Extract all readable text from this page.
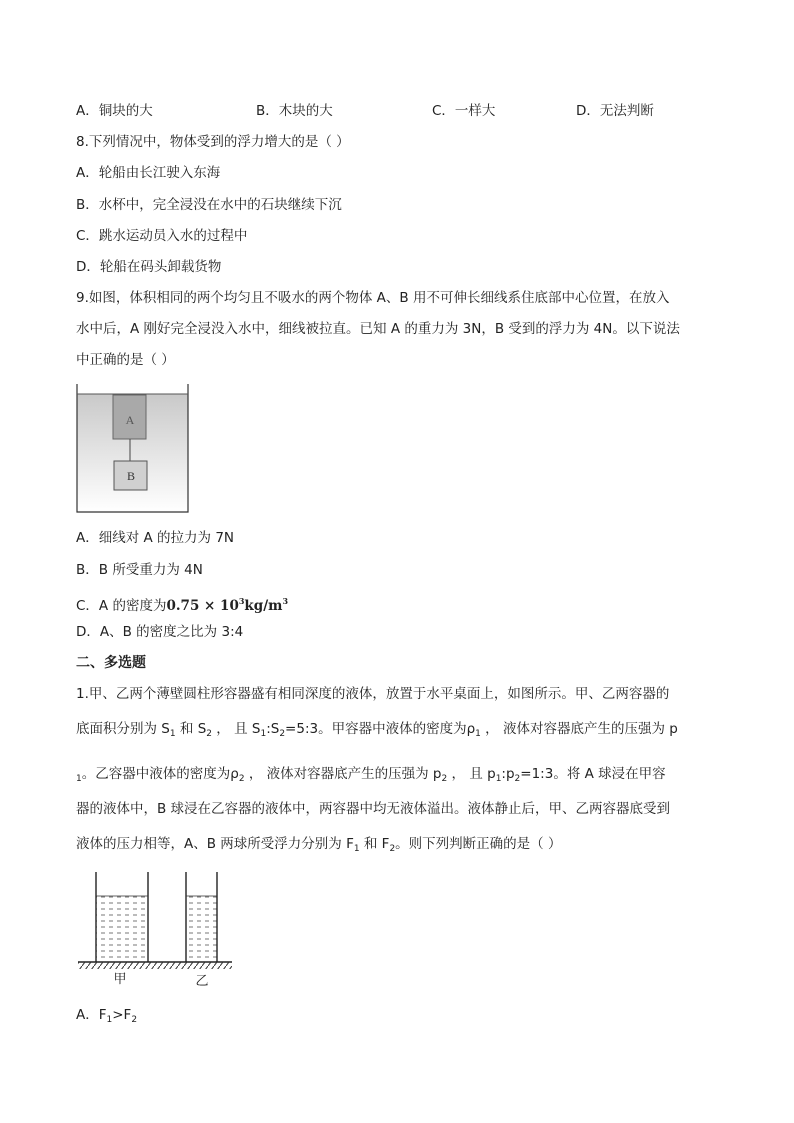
A．铜块的大	B．木块的大	C．一样大	D．无法判断
8.下列情况中，物体受到的浮力增大的是（ ）
A．轮船由长江驶入东海
B．水杯中，完全浸没在水中的石块继续下沉
C．跳水运动员入水的过程中
D．轮船在码头卸载货物
9.如图，体积相同的两个均匀且不吸水的两个物体 A、B 用不可伸长细线系住底部中心位置，在放入
水中后，A 刚好完全浸没入水中，细线被拉直。已知 A 的重力为 3N，B 受到的浮力为 4N。以下说法
中正确的是（ ）
A
B
A．细线对 A 的拉力为 7N
B．B 所受重力为 4N
C．A 的密度为$0.75 \times 10^3kg/m^3$
D．A、B 的密度之比为 3:4
二、多选题
1.甲、乙两个薄壁圆柱形容器盛有相同深度的液体，放置于水平桌面上，如图所示。甲、乙两容器的
底面积分别为 $S_1$ 和 $S_2$ ， 且 $S_1:S_2=5:3$。甲容器中液体的密度为$\rho_1$ ， 液体对容器底产生的压强为 p
$_1$。乙容器中液体的密度为$\rho_2$ ， 液体对容器底产生的压强为 $p_2$ ， 且 $p_1:p_2=1:3$。将 A 球浸在甲容
器的液体中，B 球浸在乙容器的液体中，两容器中均无液体溢出。液体静止后，甲、乙两容器底受到
液体的压力相等，A、B 两球所受浮力分别为 $F_1$ 和 $F_2$。则下列判断正确的是（ ）
甲	乙
A．$F_1>F_2$
